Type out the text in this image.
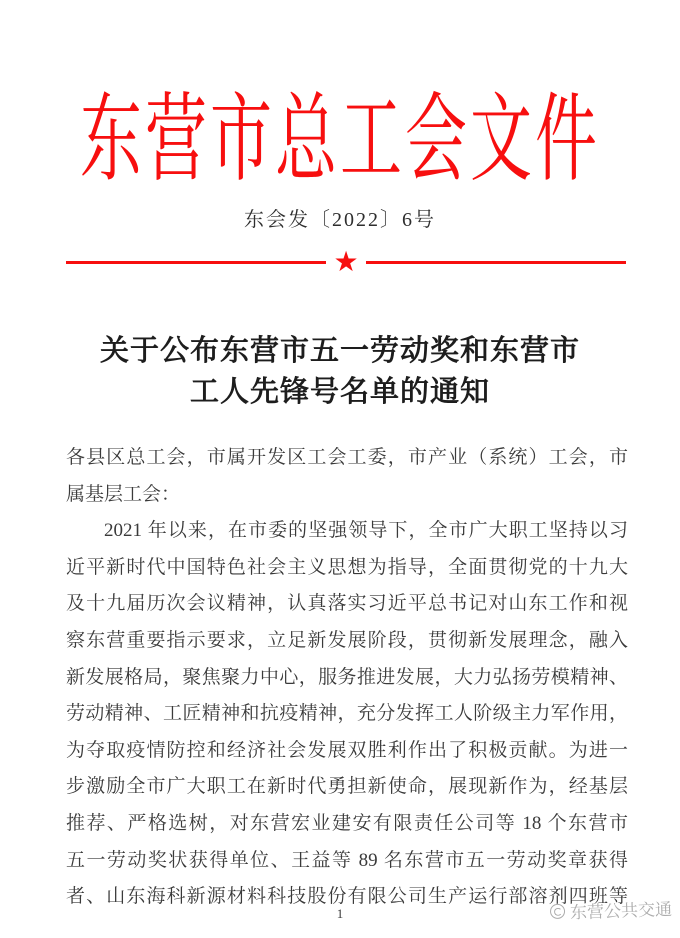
东营市总工会文件
东会发〔2022〕6号
★
关于公布东营市五一劳动奖和东营市
工人先锋号名单的通知
各县区总工会，市属开发区工会工委，市产业（系统）工会，市
属基层工会：
2021 年以来，在市委的坚强领导下，全市广大职工坚持以习
近平新时代中国特色社会主义思想为指导，全面贯彻党的十九大
及十九届历次会议精神，认真落实习近平总书记对山东工作和视
察东营重要指示要求，立足新发展阶段，贯彻新发展理念，融入
新发展格局，聚焦聚力中心，服务推进发展，大力弘扬劳模精神、
劳动精神、工匠精神和抗疫精神，充分发挥工人阶级主力军作用，
为夺取疫情防控和经济社会发展双胜利作出了积极贡献。为进一
步激励全市广大职工在新时代勇担新使命，展现新作为，经基层
推荐、严格选树，对东营宏业建安有限责任公司等 18 个东营市
五一劳动奖状获得单位、王益等 89 名东营市五一劳动奖章获得
者、山东海科新源材料科技股份有限公司生产运行部溶剂四班等
1	东营公共交通
